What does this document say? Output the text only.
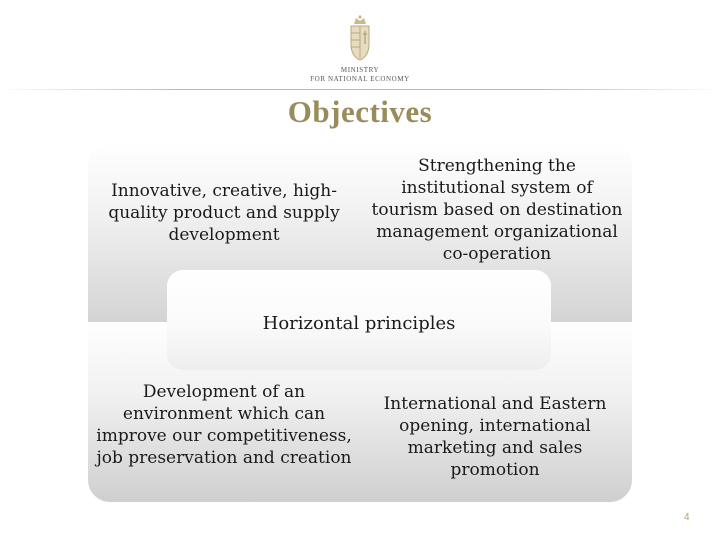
MINISTRY
FOR NATIONAL ECONOMY
Objectives
Innovative, creative, high-quality product and supply development
Strengthening the institutional system of tourism based on destination management organizational co-operation
Development of an environment which can improve our competitiveness, job preservation and creation
International and Eastern opening, international marketing and sales promotion
Horizontal principles
4
